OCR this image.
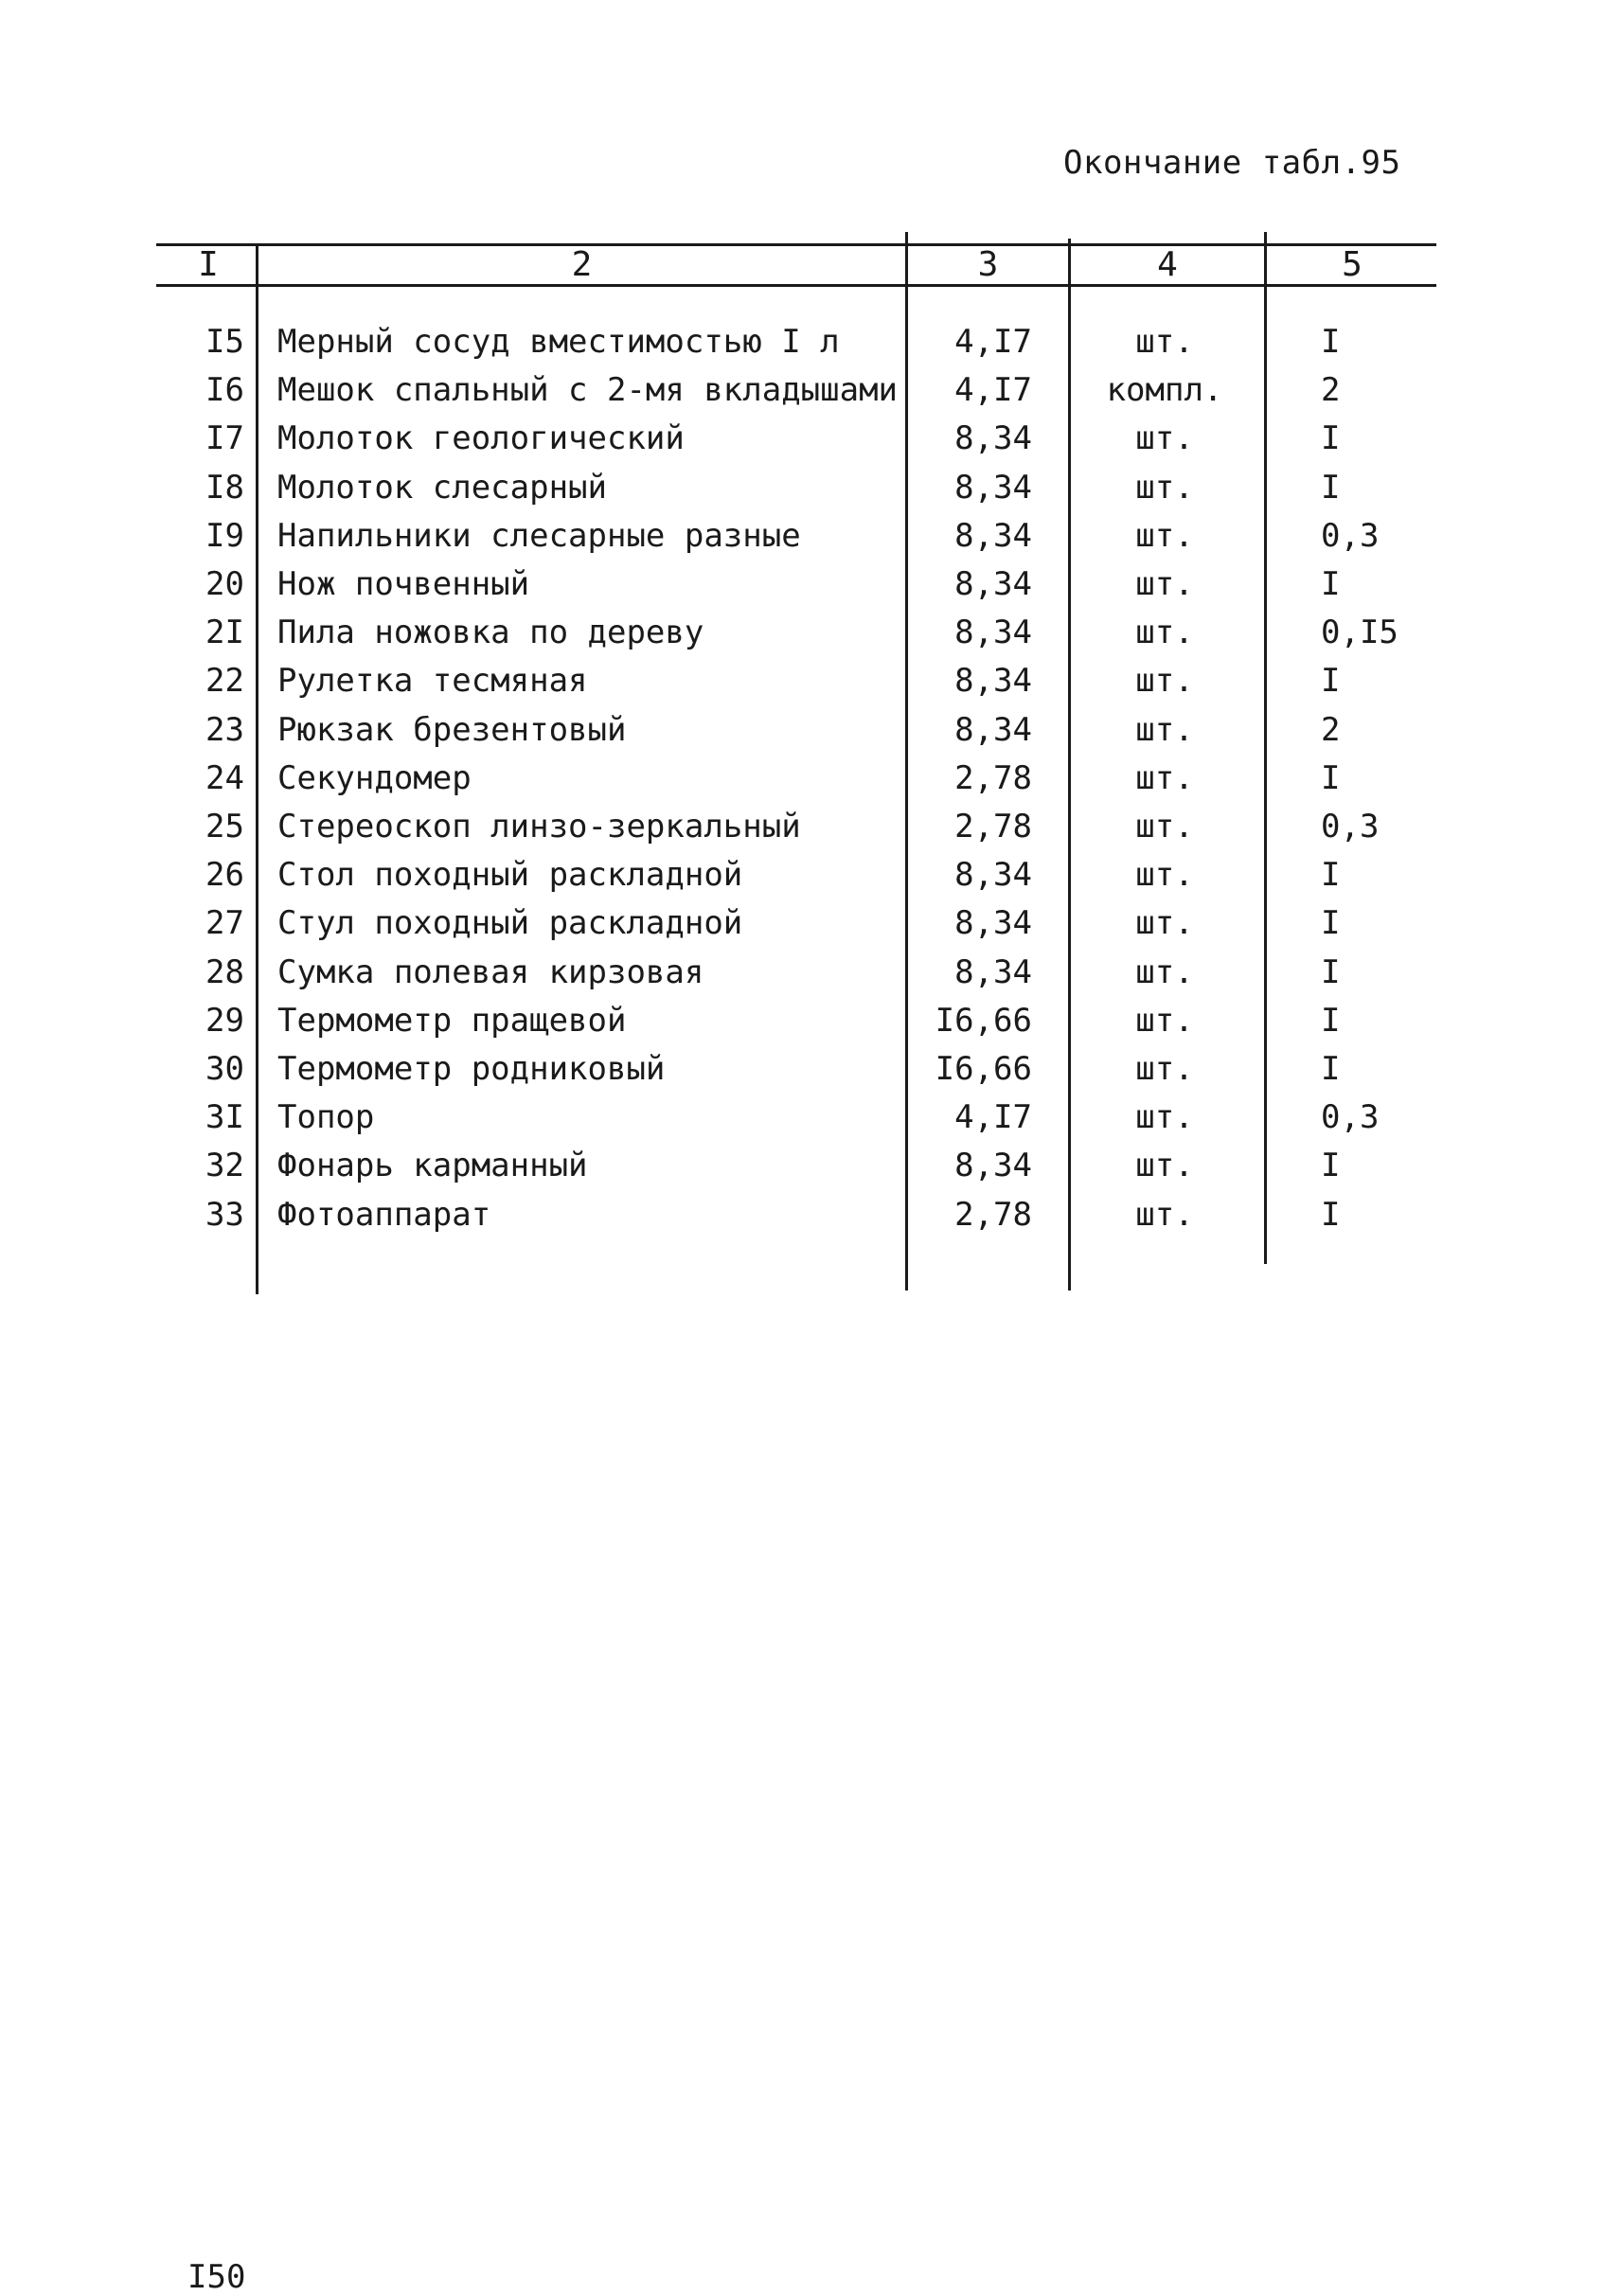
Окончание табл.95
I	2	3	4	5
I5 Мерный сосуд вместимостью I л	4,I7	шт.	I
I6 Мешок спальный с 2-мя вкладышами	4,I7	компл.	2
I7 Молоток геологический	8,34	шт.	I
I8 Молоток слесарный	8,34	шт.	I
I9 Напильники слесарные разные	8,34	шт.	0,3
20 Нож почвенный	8,34	шт.	I
2I Пила ножовка по дереву	8,34	шт.	0,I5
22 Рулетка тесмяная	8,34	шт.	I
23 Рюкзак брезентовый	8,34	шт.	2
24 Секундомер	2,78	шт.	I
25 Стереоскоп линзо-зеркальный	2,78	шт.	0,3
26 Стол походный раскладной	8,34	шт.	I
27 Стул походный раскладной	8,34	шт.	I
28 Сумка полевая кирзовая	8,34	шт.	I
29 Термометр пращевой	I6,66	шт.	I
30 Термометр родниковый	I6,66	шт.	I
3I Топор	4,I7	шт.	0,3
32 Фонарь карманный	8,34	шт.	I
33 Фотоаппарат	2,78	шт.	I
I50
